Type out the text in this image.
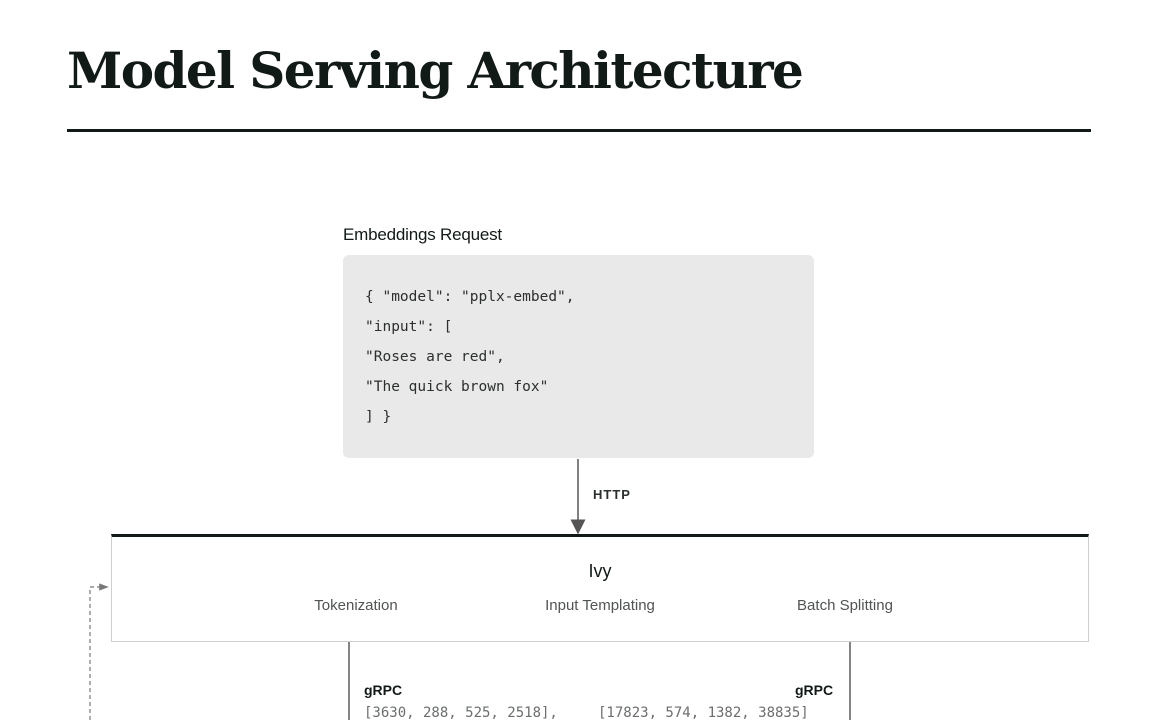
Model Serving Architecture
Embeddings Request
{ "model": "pplx-embed",
"input": [
"Roses are red",
"The quick brown fox"
] }
HTTP
Ivy
Tokenization	Input Templating	Batch Splitting
gRPC	gRPC
[3630, 288, 525, 2518],	[17823, 574, 1382, 38835]
